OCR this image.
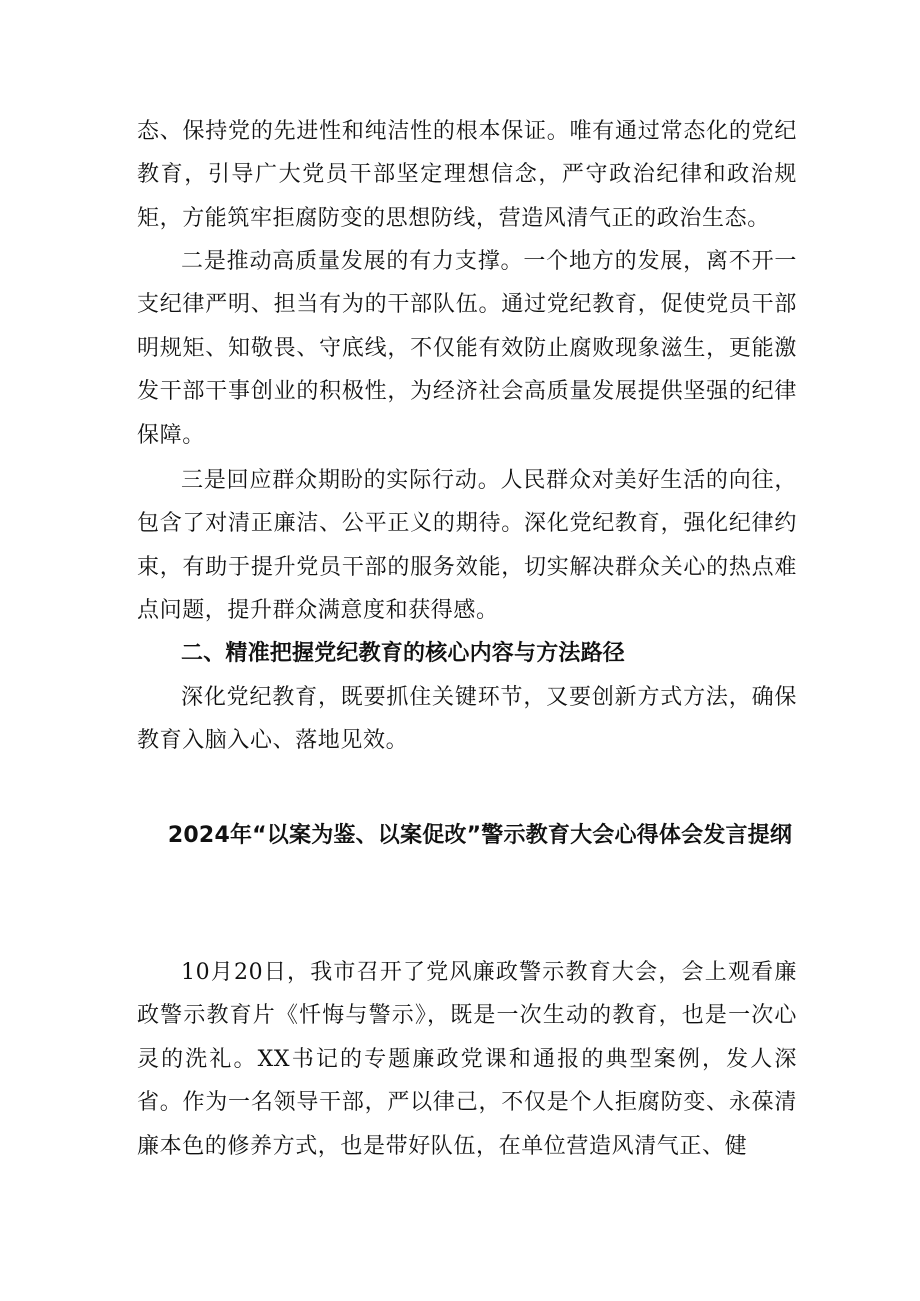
态、保持党的先进性和纯洁性的根本保证。唯有通过常态化的党纪教育，引导广大党员干部坚定理想信念，严守政治纪律和政治规矩，方能筑牢拒腐防变的思想防线，营造风清气正的政治生态。

二是推动高质量发展的有力支撑。一个地方的发展，离不开一支纪律严明、担当有为的干部队伍。通过党纪教育，促使党员干部明规矩、知敬畏、守底线，不仅能有效防止腐败现象滋生，更能激发干部干事创业的积极性，为经济社会高质量发展提供坚强的纪律保障。

三是回应群众期盼的实际行动。人民群众对美好生活的向往，包含了对清正廉洁、公平正义的期待。深化党纪教育，强化纪律约束，有助于提升党员干部的服务效能，切实解决群众关心的热点难点问题，提升群众满意度和获得感。

二、精准把握党纪教育的核心内容与方法路径

深化党纪教育，既要抓住关键环节，又要创新方式方法，确保教育入脑入心、落地见效。

2024年“以案为鉴、以案促改”警示教育大会心得体会发言提纲

10月20日，我市召开了党风廉政警示教育大会，会上观看廉政警示教育片《忏悔与警示》，既是一次生动的教育，也是一次心灵的洗礼。XX书记的专题廉政党课和通报的典型案例，发人深省。作为一名领导干部，严以律己，不仅是个人拒腐防变、永葆清廉本色的修养方式，也是带好队伍，在单位营造风清气正、健
